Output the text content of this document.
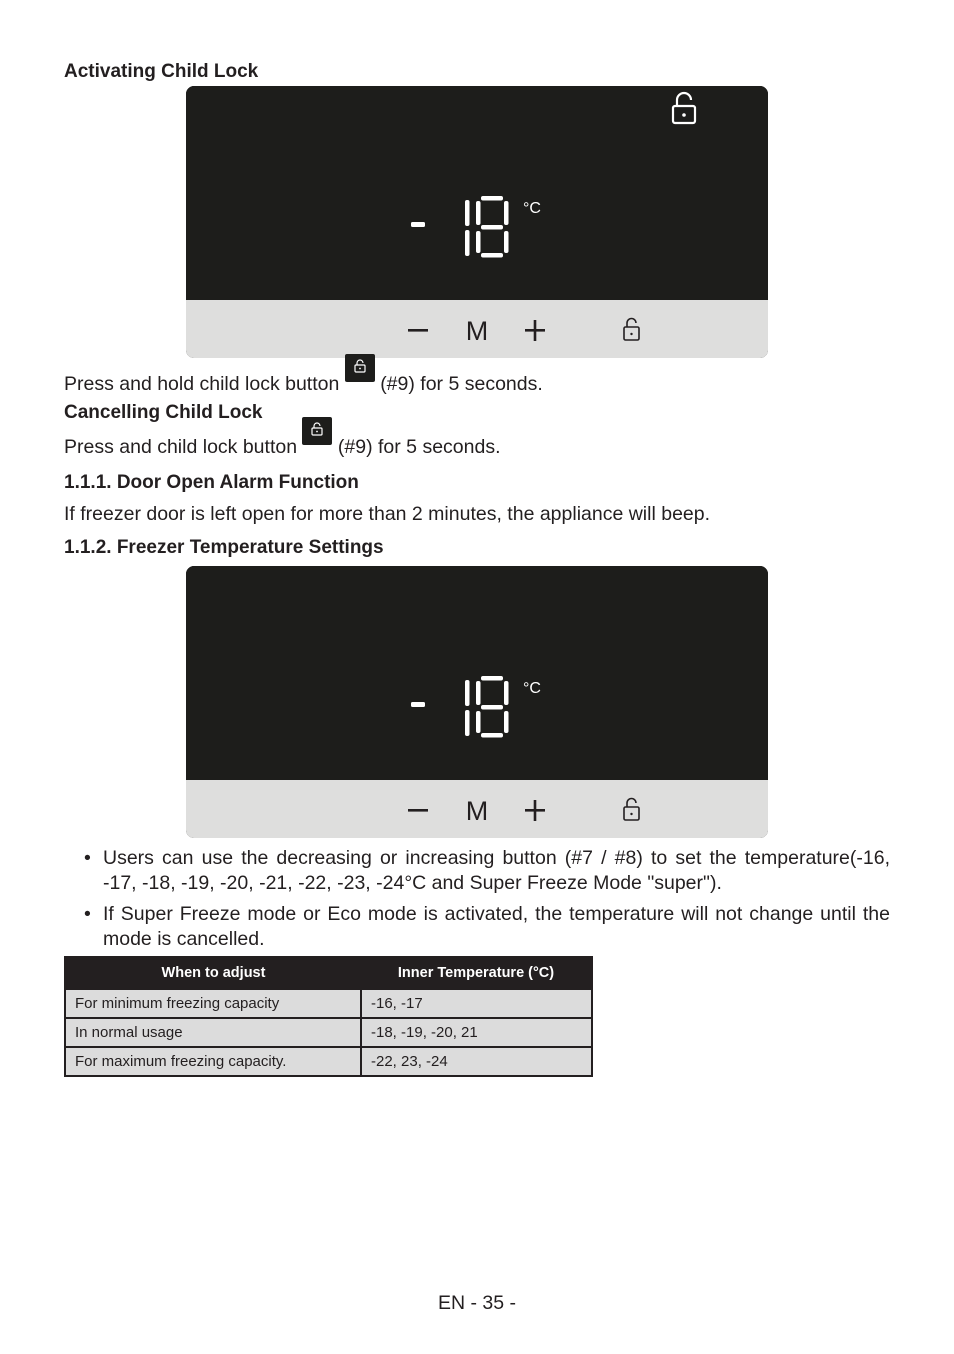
Activating Child Lock

°C
M

Press and hold child lock button (#9) for 5 seconds.

Cancelling Child Lock

Press and child lock button (#9) for 5 seconds.

1.1.1. Door Open Alarm Function

If freezer door is left open for more than 2 minutes, the appliance will beep.

1.1.2. Freezer Temperature Settings

°C
M
• Users can use the decreasing or increasing button (#7 / #8) to set the temperature(-16, -17, -18, -19, -20, -21, -22, -23, -24°C and Super Freeze Mode "super").
• If Super Freeze mode or Eco mode is activated, the temperature will not change until the mode is cancelled.
When to adjust	Inner Temperature (°C)
For minimum freezing capacity	-16, -17
In normal usage	-18, -19, -20, 21
For maximum freezing capacity.	-22, 23, -24
EN - 35 -
